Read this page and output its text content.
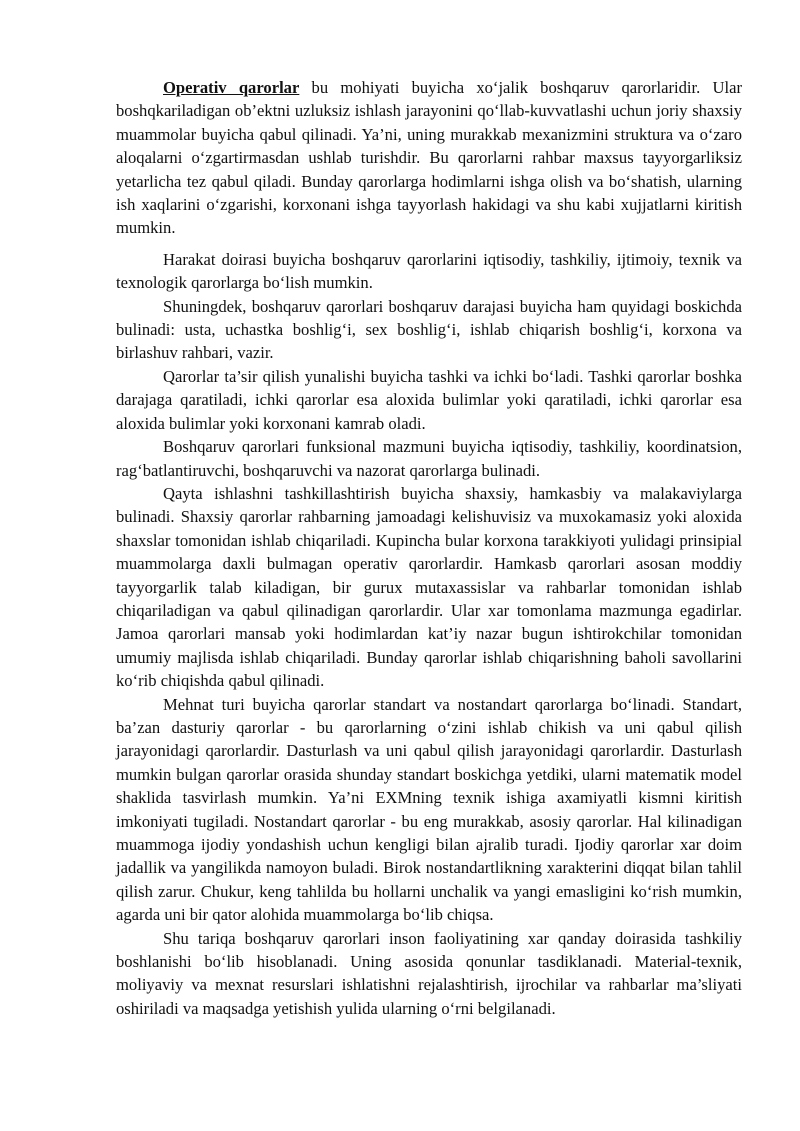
Operativ qarorlar bu mohiyati buyicha xo‘jalik boshqaruv qarorlaridir. Ular boshqkariladigan ob’ektni uzluksiz ishlash jarayonini qo‘llab-kuvvatlashi uchun joriy shaxsiy muammolar buyicha qabul qilinadi. Ya’ni, uning murakkab mexanizmini struktura va o‘zaro aloqalarni o‘zgartirmasdan ushlab turishdir. Bu qarorlarni rahbar maxsus tayyorgarliksiz yetarlicha tez qabul qiladi. Bunday qarorlarga hodimlarni ishga olish va bo‘shatish, ularning ish xaqlarini o‘zgarishi, korxonani ishga tayyorlash hakidagi va shu kabi xujjatlarni kiritish mumkin.

Harakat doirasi buyicha boshqaruv qarorlarini iqtisodiy, tashkiliy, ijtimoiy, texnik va texnologik qarorlarga bo‘lish mumkin.

Shuningdek, boshqaruv qarorlari boshqaruv darajasi buyicha ham quyidagi boskichda bulinadi: usta, uchastka boshlig‘i, sex boshlig‘i, ishlab chiqarish boshlig‘i, korxona va birlashuv rahbari, vazir.

Qarorlar ta’sir qilish yunalishi buyicha tashki va ichki bo‘ladi. Tashki qarorlar boshka darajaga qaratiladi, ichki qarorlar esa aloxida bulimlar yoki qaratiladi, ichki qarorlar esa aloxida bulimlar yoki korxonani kamrab oladi.

Boshqaruv qarorlari funksional mazmuni buyicha iqtisodiy, tashkiliy, koordinatsion, rag‘batlantiruvchi, boshqaruvchi va nazorat qarorlarga bulinadi.

Qayta ishlashni tashkillashtirish buyicha shaxsiy, hamkasbiy va malakaviylarga bulinadi. Shaxsiy qarorlar rahbarning jamoadagi kelishuvisiz va muxokamasiz yoki aloxida shaxslar tomonidan ishlab chiqariladi. Kupincha bular korxona tarakkiyoti yulidagi prinsipial muammolarga daxli bulmagan operativ qarorlardir. Hamkasb qarorlari asosan moddiy tayyorgarlik talab kiladigan, bir gurux mutaxassislar va rahbarlar tomonidan ishlab chiqariladigan va qabul qilinadigan qarorlardir. Ular xar tomonlama mazmunga egadirlar. Jamoa qarorlari mansab yoki hodimlardan kat’iy nazar bugun ishtirokchilar tomonidan umumiy majlisda ishlab chiqariladi. Bunday qarorlar ishlab chiqarishning baholi savollarini ko‘rib chiqishda qabul qilinadi.

Mehnat turi buyicha qarorlar standart va nostandart qarorlarga bo‘linadi. Standart, ba’zan dasturiy qarorlar - bu qarorlarning o‘zini ishlab chikish va uni qabul qilish jarayonidagi qarorlardir. Dasturlash va uni qabul qilish jarayonidagi qarorlardir. Dasturlash mumkin bulgan qarorlar orasida shunday standart boskichga yetdiki, ularni matematik model shaklida tasvirlash mumkin. Ya’ni EXMning texnik ishiga axamiyatli kismni kiritish imkoniyati tugiladi. Nostandart qarorlar - bu eng murakkab, asosiy qarorlar. Hal kilinadigan muammoga ijodiy yondashish uchun kengligi bilan ajralib turadi. Ijodiy qarorlar xar doim jadallik va yangilikda namoyon buladi. Birok nostandartlikning xarakterini diqqat bilan tahlil qilish zarur. Chukur, keng tahlilda bu hollarni unchalik va yangi emasligini ko‘rish mumkin, agarda uni bir qator alohida muammolarga bo‘lib chiqsa.

Shu tariqa boshqaruv qarorlari inson faoliyatining xar qanday doirasida tashkiliy boshlanishi bo‘lib hisoblanadi. Uning asosida qonunlar tasdiklanadi. Material-texnik, moliyaviy va mexnat resurslari ishlatishni rejalashtirish, ijrochilar va rahbarlar ma’sliyati oshiriladi va maqsadga yetishish yulida ularning o‘rni belgilanadi.
